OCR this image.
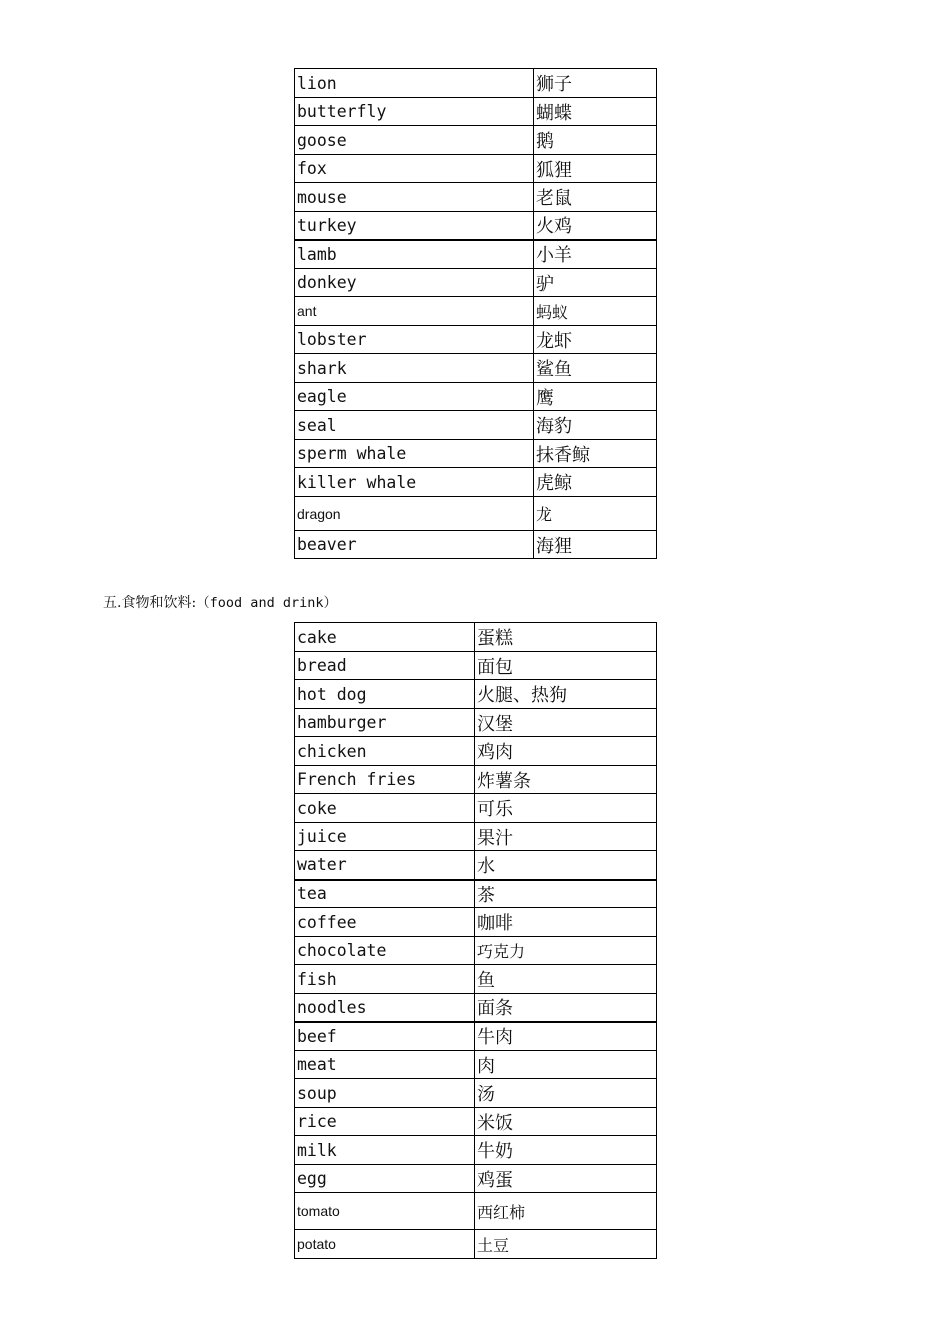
lion	狮子
butterfly	蝴蝶
goose	鹅
fox	狐狸
mouse	老鼠
turkey	火鸡
lamb	小羊
donkey	驴
ant	蚂蚁
lobster	龙虾
shark	鲨鱼
eagle	鹰
seal	海豹
sperm whale	抹香鲸
killer whale	虎鲸
dragon	龙
beaver	海狸
五.食物和饮料:（food and drink）
cake	蛋糕
bread	面包
hot dog	火腿、热狗
hamburger	汉堡
chicken	鸡肉
French fries	炸薯条
coke	可乐
juice	果汁
water	水
tea	茶
coffee	咖啡
chocolate	巧克力
fish	鱼
noodles	面条
beef	牛肉
meat	肉
soup	汤
rice	米饭
milk	牛奶
egg	鸡蛋
tomato	西红柿
potato	土豆
